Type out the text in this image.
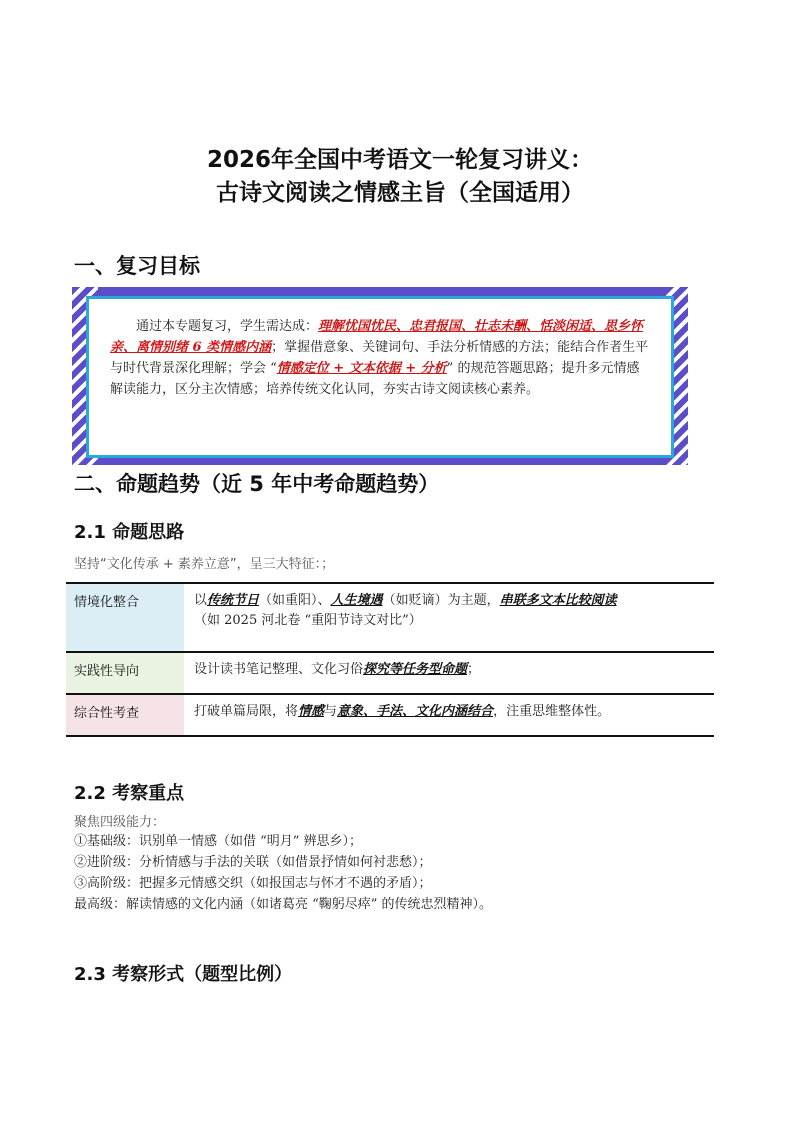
2026年全国中考语文一轮复习讲义：
古诗文阅读之情感主旨（全国适用）
一、复习目标
通过本专题复习，学生需达成：理解忧国忧民、忠君报国、壮志未酬、恬淡闲适、思乡怀亲、离情别绪 6 类情感内涵；掌握借意象、关键词句、手法分析情感的方法；能结合作者生平与时代背景深化理解；学会 “情感定位 + 文本依据 + 分析” 的规范答题思路；提升多元情感解读能力，区分主次情感；培养传统文化认同，夯实古诗文阅读核心素养。
二、命题趋势（近 5 年中考命题趋势）
2.1 命题思路
坚持“文化传承 + 素养立意”，呈三大特征：；
情境化整合	以传统节日（如重阳）、人生境遇（如贬谪）为主题，串联多文本比较阅读
（如 2025 河北卷 “重阳节诗文对比”）
实践性导向	设计读书笔记整理、文化习俗探究等任务型命题；
综合性考查	打破单篇局限，将情感与意象、手法、文化内涵结合，注重思维整体性。
2.2 考察重点
聚焦四级能力：
①基础级：识别单一情感（如借 “明月” 辨思乡）；
②进阶级：分析情感与手法的关联（如借景抒情如何衬悲愁）；
③高阶级：把握多元情感交织（如报国志与怀才不遇的矛盾）；
最高级：解读情感的文化内涵（如诸葛亮 “鞠躬尽瘁” 的传统忠烈精神）。
2.3 考察形式（题型比例）
